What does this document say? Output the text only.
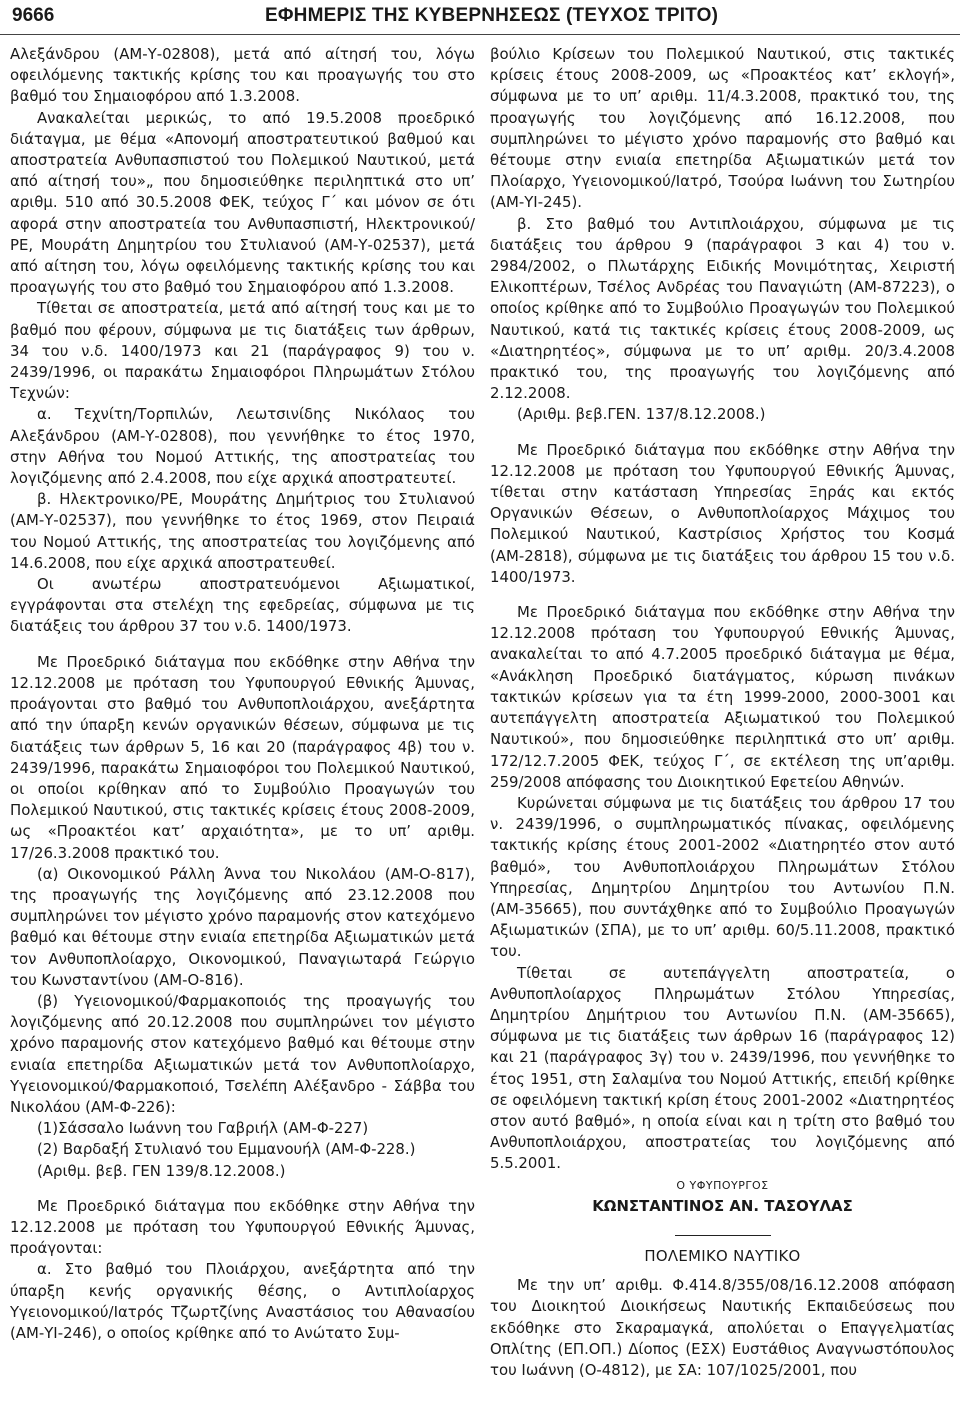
9666	ΕΦΗΜΕΡΙΣ ΤΗΣ ΚΥΒΕΡΝΗΣΕΩΣ (ΤΕΥΧΟΣ ΤΡΙΤΟ)

Αλεξάνδρου (ΑΜ-Υ-02808), μετά από αίτησή του, λόγω οφειλόμενης τακτικής κρίσης του και προαγωγής του στο βαθμό του Σημαιοφόρου από 1.3.2008.

Ανακαλείται μερικώς, το από 19.5.2008 προεδρικό διάταγμα, με θέμα «Απονομή αποστρατευτικού βαθμού και αποστρατεία Ανθυπασπιστού του Πολεμικού Ναυτικού, μετά από αίτησή του»„ που δημοσιεύθηκε περιληπτικά στο υπ’ αριθμ. 510 από 30.5.2008 ΦΕΚ, τεύχος Γ΄ και μόνον σε ότι αφορά στην αποστρατεία του Ανθυπασπιστή, Ηλεκτρονικού/ΡΕ, Μουράτη Δημητρίου του Στυλιανού (ΑΜ-Υ-02537), μετά από αίτηση του, λόγω οφειλόμενης τακτικής κρίσης του και προαγωγής του στο βαθμό του Σημαιοφόρου από 1.3.2008.

Τίθεται σε αποστρατεία, μετά από αίτησή τους και με το βαθμό που φέρουν, σύμφωνα με τις διατάξεις των άρθρων, 34 του ν.δ. 1400/1973 και 21 (παράγραφος 9) του ν. 2439/1996, οι παρακάτω Σημαιοφόροι Πληρωμάτων Στόλου Τεχνών:

α. Τεχνίτη/Τορπιλών, Λεωτσινίδης Νικόλαος του Αλεξάνδρου (ΑΜ-Υ-02808), που γεννήθηκε το έτος 1970, στην Αθήνα του Νομού Αττικής, της αποστρατείας του λογιζόμενης από 2.4.2008, που είχε αρχικά αποστρατευτεί.

β. Ηλεκτρονικο/ΡΕ, Μουράτης Δημήτριος του Στυλιανού (ΑΜ-Υ-02537), που γεννήθηκε το έτος 1969, στον Πειραιά του Νομού Αττικής, της αποστρατείας του λογιζόμενης από 14.6.2008, που είχε αρχικά αποστρατευθεί.

Οι ανωτέρω αποστρατευόμενοι Αξιωματικοί, εγγράφονται στα στελέχη της εφεδρείας, σύμφωνα με τις διατάξεις του άρθρου 37 του ν.δ. 1400/1973.

Με Προεδρικό διάταγμα που εκδόθηκε στην Αθήνα την 12.12.2008 με πρόταση του Υφυπουργού Εθνικής Άμυνας, προάγονται στο βαθμό του Ανθυποπλοιάρχου, ανεξάρτητα από την ύπαρξη κενών οργανικών θέσεων, σύμφωνα με τις διατάξεις των άρθρων 5, 16 και 20 (παράγραφος 4β) του ν. 2439/1996, παρακάτω Σημαιοφόροι του Πολεμικού Ναυτικού, οι οποίοι κρίθηκαν από το Συμβούλιο Προαγωγών του Πολεμικού Ναυτικού, στις τακτικές κρίσεις έτους 2008-2009, ως «Προακτέοι κατ’ αρχαιότητα», με το υπ’ αριθμ. 17/26.3.2008 πρακτικό του.

(α) Οικονομικού Ράλλη Άννα του Νικολάου (ΑΜ-Ο-817), της προαγωγής της λογιζόμενης από 23.12.2008 που συμπληρώνει τον μέγιστο χρόνο παραμονής στον κατεχόμενο βαθμό και θέτουμε στην ενιαία επετηρίδα Αξιωματικών μετά τον Ανθυποπλοίαρχο, Οικονομικού, Παναγιωταρά Γεώργιο του Κωνσταντίνου (ΑΜ-Ο-816).

(β) Υγειονομικού/Φαρμακοποιός της προαγωγής του λογιζόμενης από 20.12.2008 που συμπληρώνει τον μέγιστο χρόνο παραμονής στον κατεχόμενο βαθμό και θέτουμε στην ενιαία επετηρίδα Αξιωματικών μετά τον Ανθυποπλοίαρχο, Υγειονομικού/Φαρμακοποιό, Τσελέπη Αλέξανδρο - Σάββα του Νικολάου (ΑΜ-Φ-226):

(1)Σάσσαλο Ιωάννη του Γαβριήλ (ΑΜ-Φ-227)

(2) Βαρδαξή Στυλιανό του Εμμανουήλ (ΑΜ-Φ-228.)

(Αριθμ. βεβ. ΓΕΝ 139/8.12.2008.)

Με Προεδρικό διάταγμα που εκδόθηκε στην Αθήνα την 12.12.2008 με πρόταση του Υφυπουργού Εθνικής Άμυνας, προάγονται:

α. Στο βαθμό του Πλοιάρχου, ανεξάρτητα από την ύπαρξη κενής οργανικής θέσης, ο Αντιπλοίαρχος Υγειονομικού/Ιατρός Τζωρτζίνης Αναστάσιος του Αθανασίου (ΑΜ-ΥΙ-246), ο οποίος κρίθηκε από το Ανώτατο Συμ-

βούλιο Κρίσεων του Πολεμικού Ναυτικού, στις τακτικές κρίσεις έτους 2008-2009, ως «Προακτέος κατ’ εκλογή», σύμφωνα με το υπ’ αριθμ. 11/4.3.2008, πρακτικό του, της προαγωγής του λογιζόμενης από 16.12.2008, που συμπληρώνει το μέγιστο χρόνο παραμονής στο βαθμό και θέτουμε στην ενιαία επετηρίδα Αξιωματικών μετά τον Πλοίαρχο, Υγειονομικού/Ιατρό, Τσούρα Ιωάννη του Σωτηρίου (ΑΜ-ΥΙ-245).

β. Στο βαθμό του Αντιπλοιάρχου, σύμφωνα με τις διατάξεις του άρθρου 9 (παράγραφοι 3 και 4) του ν. 2984/2002, ο Πλωτάρχης Ειδικής Μονιμότητας, Χειριστή Ελικοπτέρων, Τσέλος Ανδρέας του Παναγιώτη (ΑΜ-87223), ο οποίος κρίθηκε από το Συμβούλιο Προαγωγών του Πολεμικού Ναυτικού, κατά τις τακτικές κρίσεις έτους 2008-2009, ως «Διατηρητέος», σύμφωνα με το υπ’ αριθμ. 20/3.4.2008 πρακτικό του, της προαγωγής του λογιζόμενης από 2.12.2008.

(Αριθμ. βεβ.ΓΕΝ. 137/8.12.2008.)

Με Προεδρικό διάταγμα που εκδόθηκε στην Αθήνα την 12.12.2008 με πρόταση του Υφυπουργού Εθνικής Άμυνας, τίθεται στην κατάσταση Υπηρεσίας Ξηράς και εκτός Οργανικών Θέσεων, ο Ανθυποπλοίαρχος Μάχιμος του Πολεμικού Ναυτικού, Καστρίσιος Χρήστος του Κοσμά (ΑΜ-2818), σύμφωνα με τις διατάξεις του άρθρου 15 του ν.δ. 1400/1973.

Με Προεδρικό διάταγμα που εκδόθηκε στην Αθήνα την 12.12.2008 πρόταση του Υφυπουργού Εθνικής Άμυνας, ανακαλείται το από 4.7.2005 προεδρικό διάταγμα με θέμα, «Ανάκληση Προεδρικό διατάγματος, κύρωση πινάκων τακτικών κρίσεων για τα έτη 1999-2000, 2000-3001 και αυτεπάγγελτη αποστρατεία Αξιωματικού του Πολεμικού Ναυτικού», που δημοσιεύθηκε περιληπτικά στο υπ’ αριθμ. 172/12.7.2005 ΦΕΚ, τεύχος Γ΄, σε εκτέλεση της υπ’αριθμ. 259/2008 απόφασης του Διοικητικού Εφετείου Αθηνών.

Κυρώνεται σύμφωνα με τις διατάξεις του άρθρου 17 του ν. 2439/1996, ο συμπληρωματικός πίνακας, οφειλόμενης τακτικής κρίσης έτους 2001-2002 «Διατηρητέο στον αυτό βαθμό», του Ανθυποπλοιάρχου Πληρωμάτων Στόλου Υπηρεσίας, Δημητρίου Δημητρίου του Αντωνίου Π.Ν. (ΑΜ-35665), που συντάχθηκε από το Συμβούλιο Προαγωγών Αξιωματικών (ΣΠΑ), με το υπ’ αριθμ. 60/5.11.2008, πρακτικό του.

Τίθεται σε αυτεπάγγελτη αποστρατεία, ο Ανθυποπλοίαρχος Πληρωμάτων Στόλου Υπηρεσίας, Δημητρίου Δημήτριου του Αντωνίου Π.Ν. (ΑΜ-35665), σύμφωνα με τις διατάξεις των άρθρων 16 (παράγραφος 12) και 21 (παράγραφος 3γ) του ν. 2439/1996, που γεννήθηκε το έτος 1951, στη Σαλαμίνα του Νομού Αττικής, επειδή κρίθηκε σε οφειλόμενη τακτική κρίση έτους 2001-2002 «Διατηρητέος στον αυτό βαθμό», η οποία είναι και η τρίτη στο βαθμό του Ανθυποπλοιάρχου, αποστρατείας του λογιζόμενης από 5.5.2001.

Ο ΥΦΥΠΟΥΡΓΟΣ

ΚΩΝΣΤΑΝΤΙΝΟΣ ΑΝ. ΤΑΣΟΥΛΑΣ

ΠΟΛΕΜΙΚΟ ΝΑΥΤΙΚΟ

Με την υπ’ αριθμ. Φ.414.8/355/08/16.12.2008 απόφαση του Διοικητού Διοικήσεως Ναυτικής Εκπαιδεύσεως που εκδόθηκε στο Σκαραμαγκά, απολύεται ο Επαγγελματίας Οπλίτης (ΕΠ.ΟΠ.) Δίοπος (ΕΣΧ) Ευστάθιος Αναγνωστόπουλος του Ιωάννη (Ο-4812), με ΣΑ: 107/1025/2001, που
